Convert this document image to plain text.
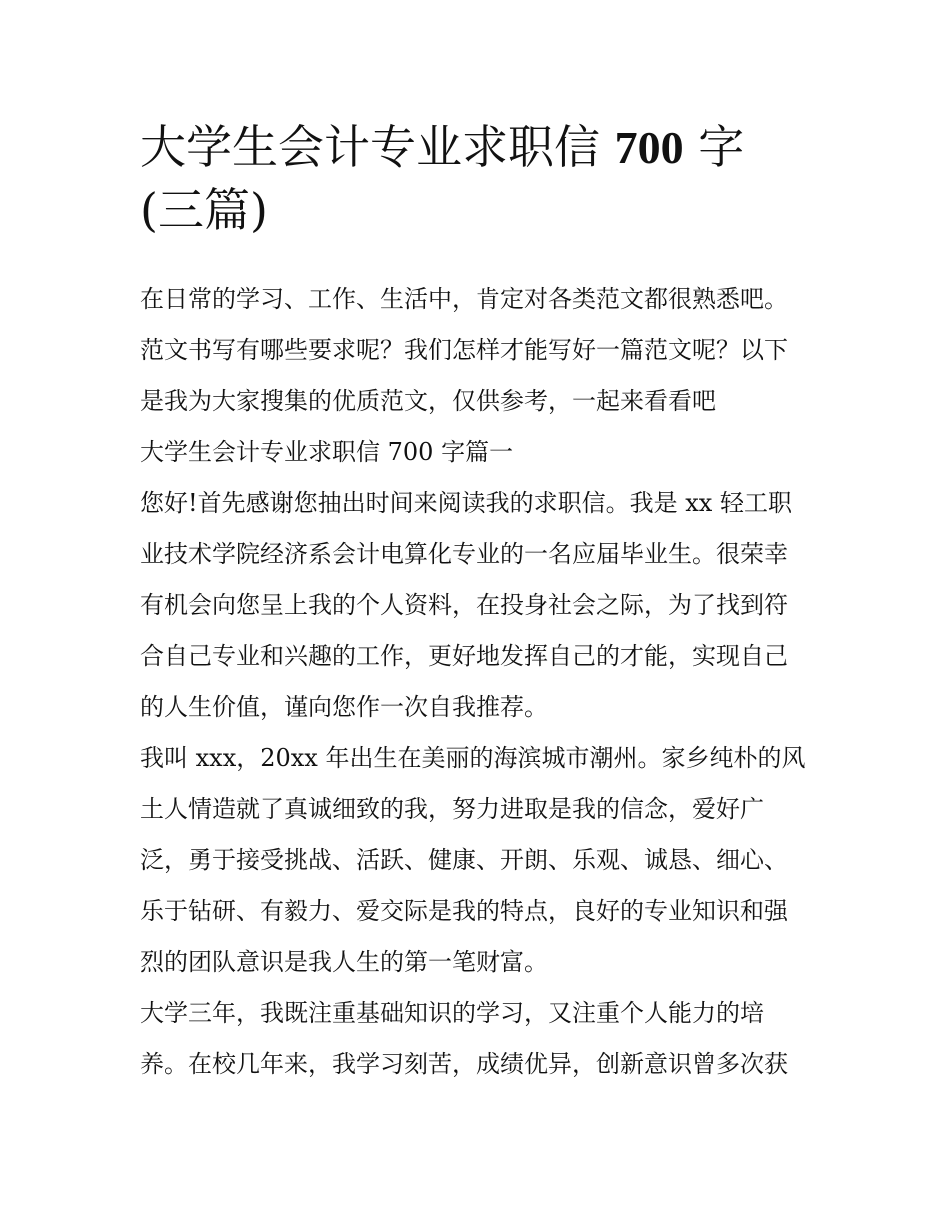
大学生会计专业求职信 700 字
(三篇)

在日常的学习、工作、生活中，肯定对各类范文都很熟悉吧。

范文书写有哪些要求呢？我们怎样才能写好一篇范文呢？以下

是我为大家搜集的优质范文，仅供参考，一起来看看吧

大学生会计专业求职信 700 字篇一

您好!首先感谢您抽出时间来阅读我的求职信。我是 xx 轻工职

业技术学院经济系会计电算化专业的一名应届毕业生。很荣幸

有机会向您呈上我的个人资料，在投身社会之际，为了找到符

合自己专业和兴趣的工作，更好地发挥自己的才能，实现自己

的人生价值，谨向您作一次自我推荐。

我叫 xxx，20xx 年出生在美丽的海滨城市潮州。家乡纯朴的风

土人情造就了真诚细致的我，努力进取是我的信念，爱好广

泛，勇于接受挑战、活跃、健康、开朗、乐观、诚恳、细心、

乐于钻研、有毅力、爱交际是我的特点，良好的专业知识和强

烈的团队意识是我人生的第一笔财富。

大学三年，我既注重基础知识的学习，又注重个人能力的培

养。在校几年来，我学习刻苦，成绩优异，创新意识曾多次获
